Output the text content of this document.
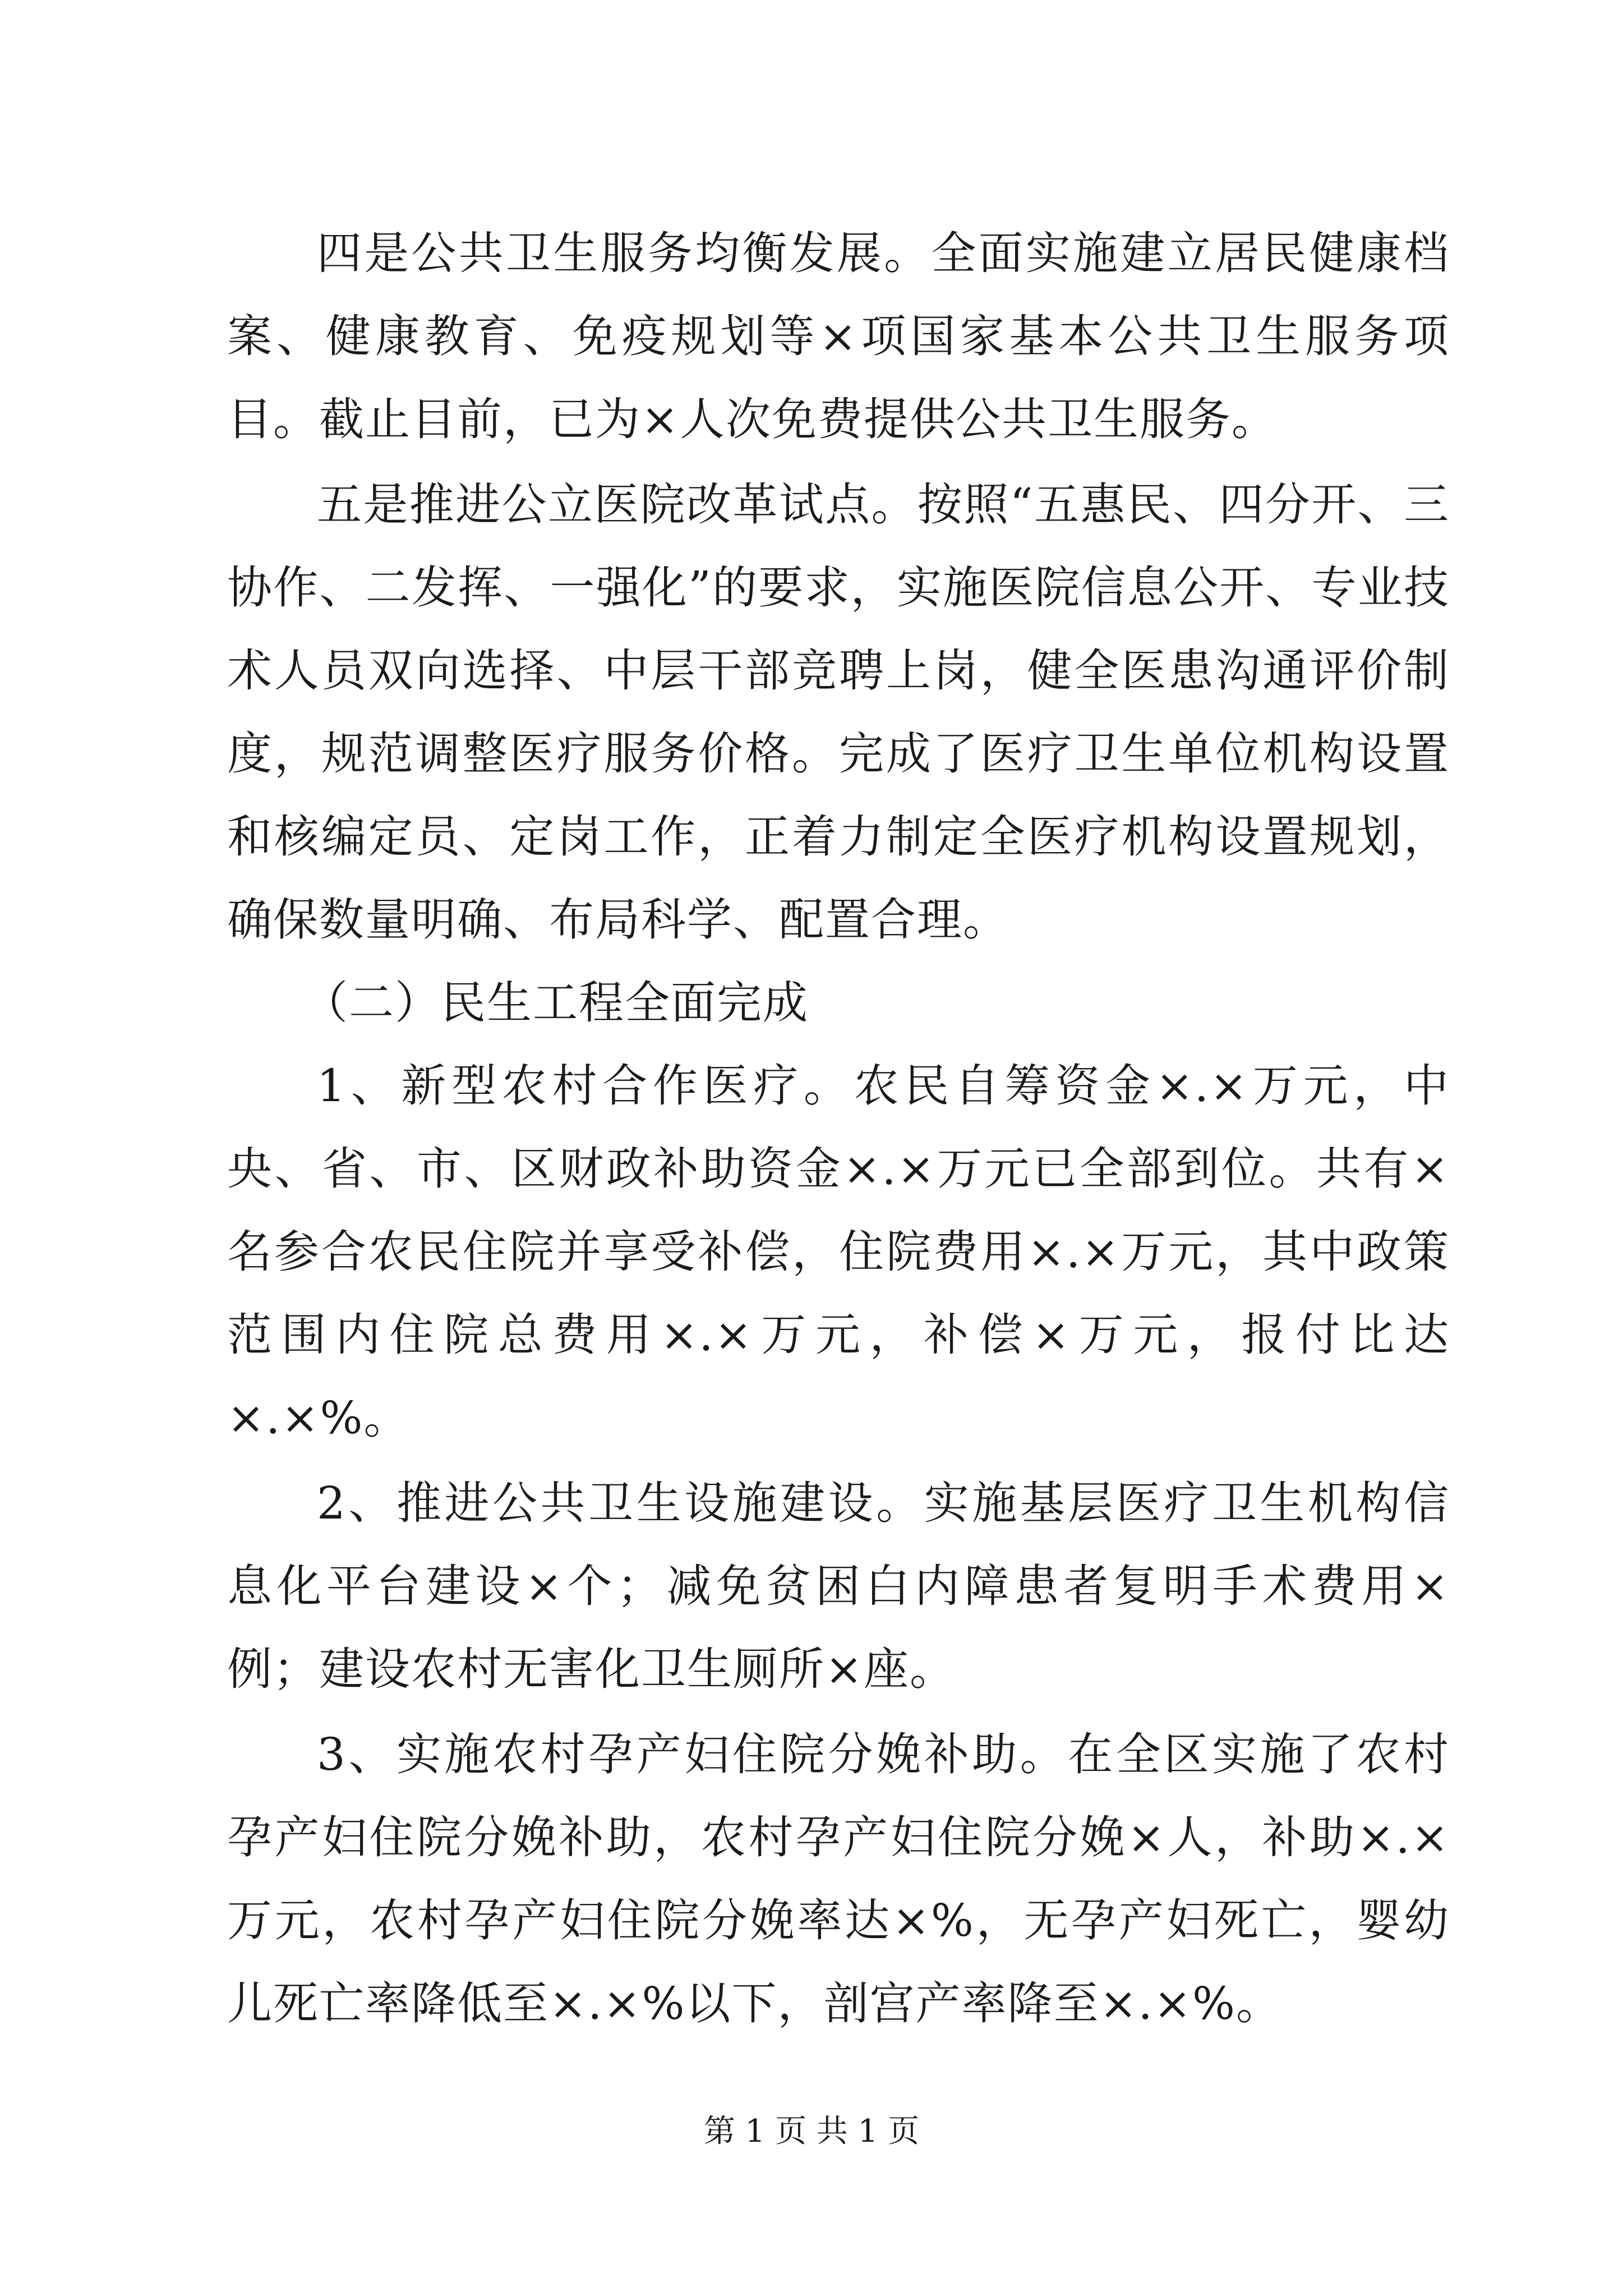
四是公共卫生服务均衡发展。全面实施建立居民健康档案、健康教育、免疫规划等×项国家基本公共卫生服务项目。截止目前，已为×人次免费提供公共卫生服务。

五是推进公立医院改革试点。按照“五惠民、四分开、三协作、二发挥、一强化”的要求，实施医院信息公开、专业技术人员双向选择、中层干部竞聘上岗，健全医患沟通评价制度，规范调整医疗服务价格。完成了医疗卫生单位机构设置和核编定员、定岗工作，正着力制定全医疗机构设置规划，确保数量明确、布局科学、配置合理。

（二）民生工程全面完成

1、新型农村合作医疗。农民自筹资金×.×万元，中央、省、市、区财政补助资金×.×万元已全部到位。共有×名参合农民住院并享受补偿，住院费用×.×万元，其中政策范围内住院总费用×.×万元，补偿×万元，报付比达×.×%。

2、推进公共卫生设施建设。实施基层医疗卫生机构信息化平台建设×个；减免贫困白内障患者复明手术费用×例；建设农村无害化卫生厕所×座。

3、实施农村孕产妇住院分娩补助。在全区实施了农村孕产妇住院分娩补助，农村孕产妇住院分娩×人，补助×.×万元，农村孕产妇住院分娩率达×%，无孕产妇死亡，婴幼儿死亡率降低至×.×%以下，剖宫产率降至×.×%。

第 1 页 共 1 页
